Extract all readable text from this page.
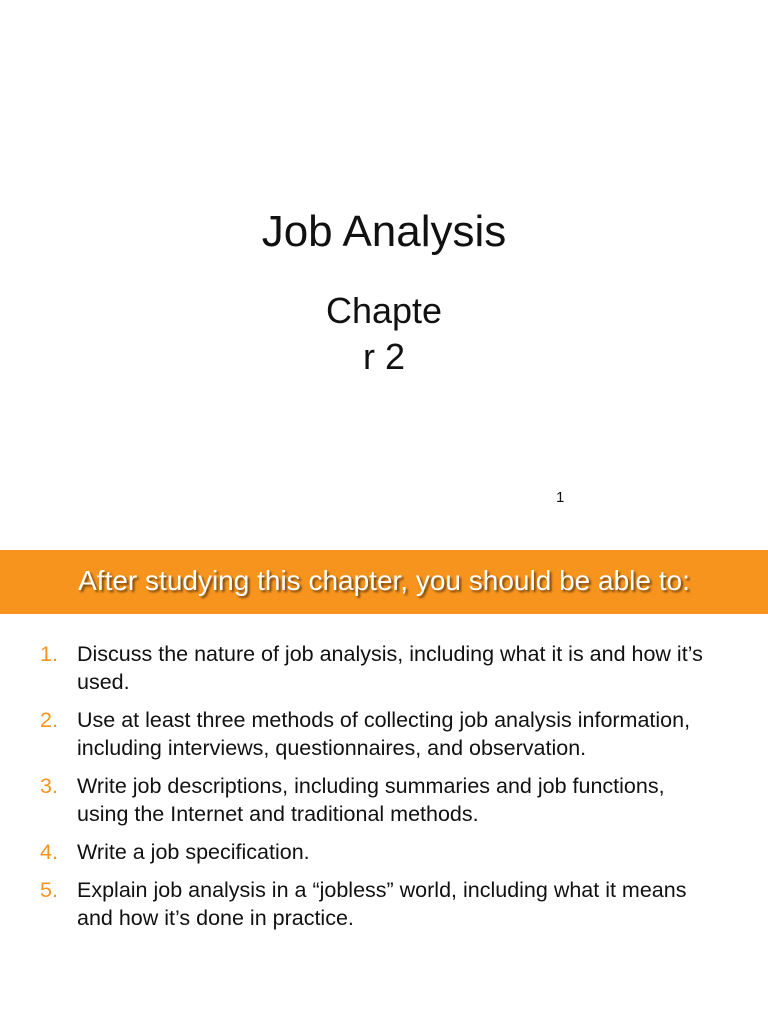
Job Analysis
Chapte
r 2
1
After studying this chapter, you should be able to:
1. Discuss the nature of job analysis, including what it is and how it’s used.
2. Use at least three methods of collecting job analysis information, including interviews, questionnaires, and observation.
3. Write job descriptions, including summaries and job functions, using the Internet and traditional methods.
4. Write a job specification.
5. Explain job analysis in a “jobless” world, including what it means and how it’s done in practice.
